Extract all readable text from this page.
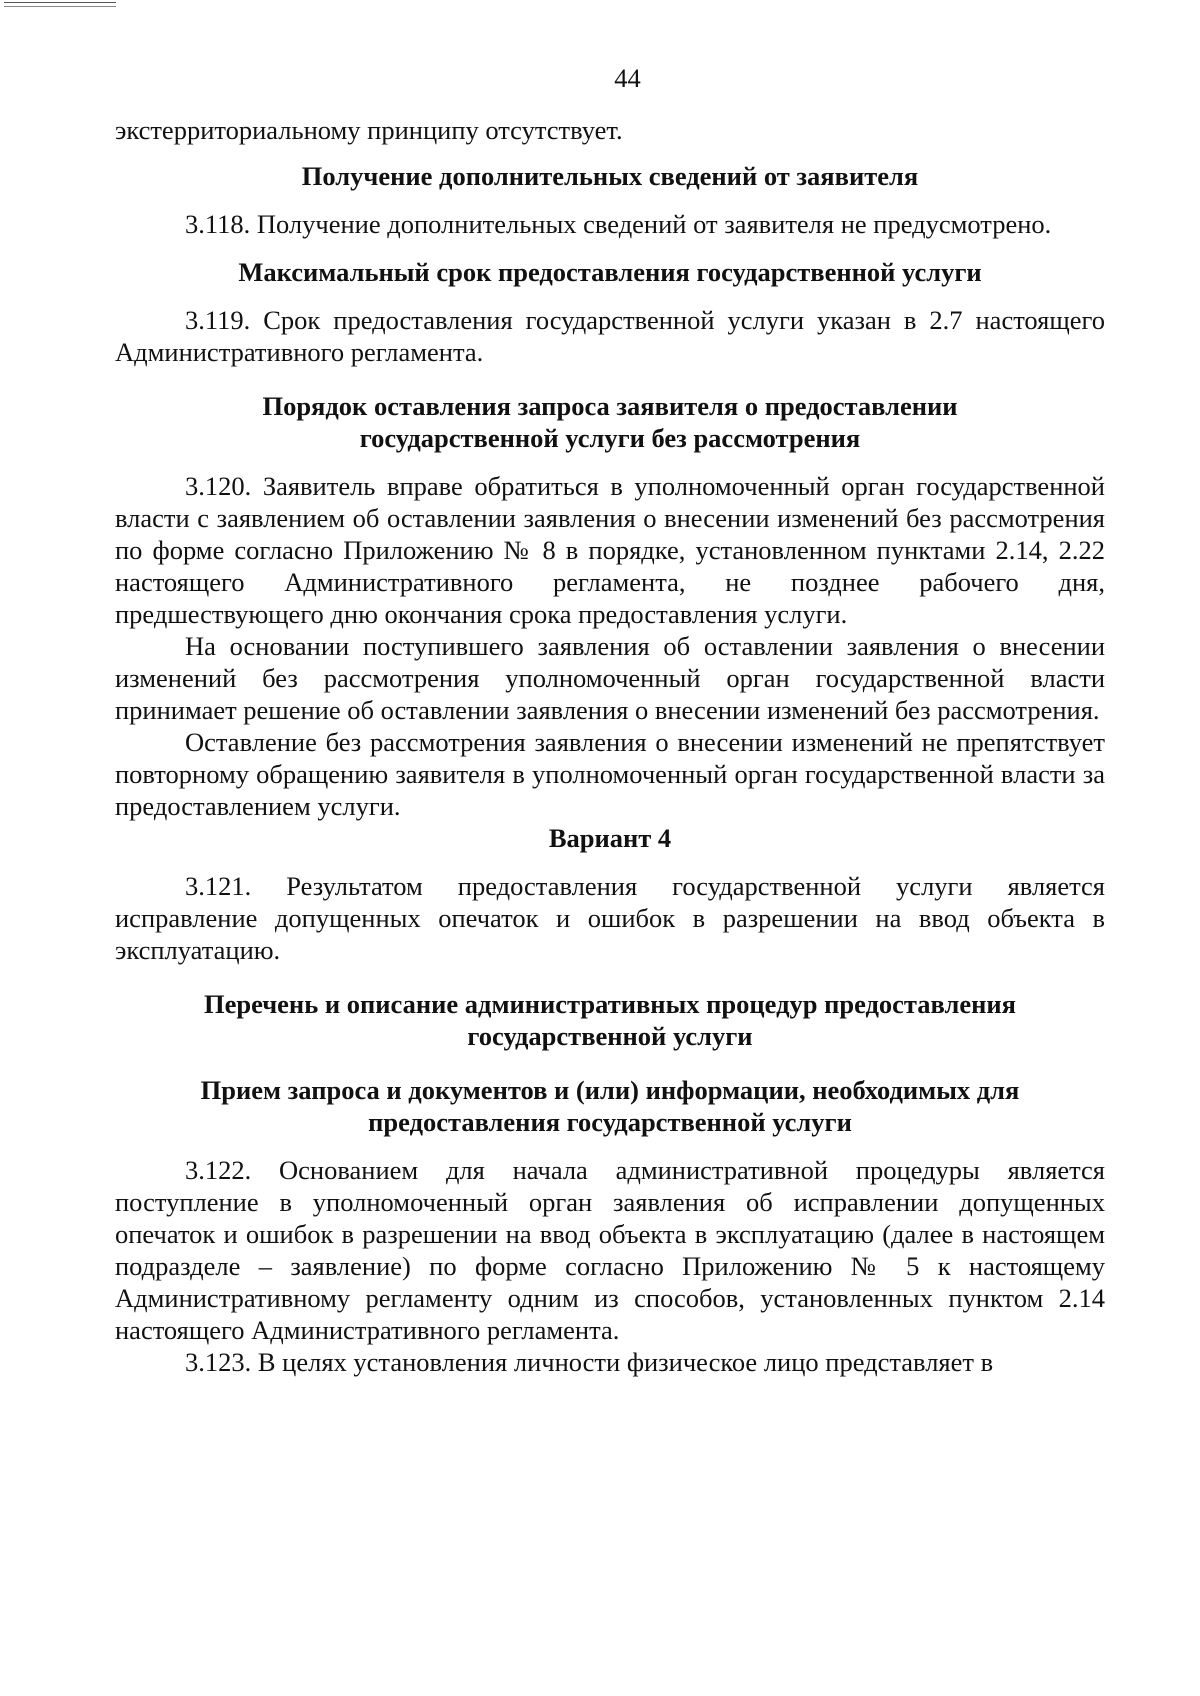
44

экстерриториальному принципу отсутствует.

Получение дополнительных сведений от заявителя

3.118. Получение дополнительных сведений от заявителя не предусмотрено.

Максимальный срок предоставления государственной услуги

3.119. Срок предоставления государственной услуги указан в 2.7 настоящего Административного регламента.

Порядок оставления запроса заявителя о предоставлении

государственной услуги без рассмотрения

3.120. Заявитель вправе обратиться в уполномоченный орган государственной власти с заявлением об оставлении заявления о внесении изменений без рассмотрения по форме согласно Приложению № 8 в порядке, установленном пунктами 2.14, 2.22 настоящего Административного регламента, не позднее рабочего дня, предшествующего дню окончания срока предоставления услуги.

На основании поступившего заявления об оставлении заявления о внесении изменений без рассмотрения уполномоченный орган государственной власти принимает решение об оставлении заявления о внесении изменений без рассмотрения.

Оставление без рассмотрения заявления о внесении изменений не препятствует повторному обращению заявителя в уполномоченный орган государственной власти за предоставлением услуги.

Вариант 4

3.121. Результатом предоставления государственной услуги является исправление допущенных опечаток и ошибок в разрешении на ввод объекта в эксплуатацию.

Перечень и описание административных процедур предоставления

государственной услуги

Прием запроса и документов и (или) информации, необходимых для

предоставления государственной услуги

3.122. Основанием для начала административной процедуры является поступление в уполномоченный орган заявления об исправлении допущенных опечаток и ошибок в разрешении на ввод объекта в эксплуатацию (далее в настоящем подразделе – заявление) по форме согласно Приложению № 5 к настоящему Административному регламенту одним из способов, установленных пунктом 2.14 настоящего Административного регламента.

3.123. В целях установления личности физическое лицо представляет в
